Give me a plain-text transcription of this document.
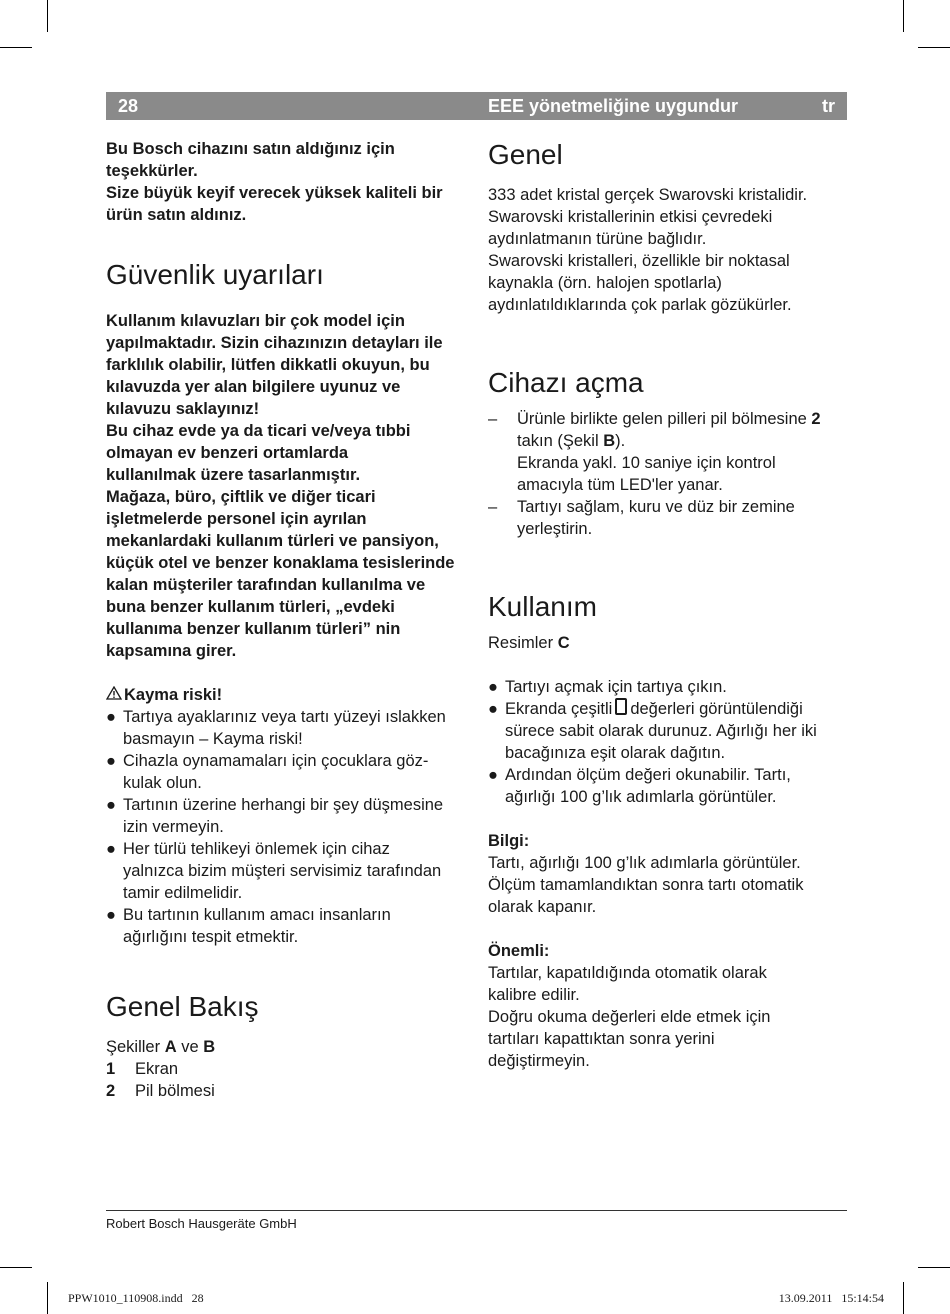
28	EEE yönetmeliğine uygundur	tr

Bu Bosch cihazını satın aldığınız için teşekkürler.

Size büyük keyif verecek yüksek kaliteli bir ürün satın aldınız.

Güvenlik uyarıları

Kullanım kılavuzları bir çok model için yapılmaktadır. Sizin cihazınızın detayları ile farklılık olabilir, lütfen dikkatli okuyun, bu kılavuzda yer alan bilgilere uyunuz ve kılavuzu saklayınız!

Bu cihaz evde ya da ticari ve/veya tıbbi olmayan ev benzeri ortamlarda kullanılmak üzere tasarlanmıştır.

Mağaza, büro, çiftlik ve diğer ticari işletmelerde personel için ayrılan mekanlardaki kullanım türleri ve pansiyon, küçük otel ve benzer konaklama tesislerinde kalan müşteriler tarafından kullanılma ve buna benzer kullanım türleri, „evdeki kullanıma benzer kullanım türleri” nin kapsamına girer.

Kayma riski!

● Tartıya ayaklarınız veya tartı yüzeyi ıslakken basmayın – Kayma riski!
● Cihazla oynamamaları için çocuklara göz-kulak olun.
● Tartının üzerine herhangi bir şey düşmesine izin vermeyin.
● Her türlü tehlikeyi önlemek için cihaz yalnızca bizim müşteri servisimiz tarafından tamir edilmelidir.
● Bu tartının kullanım amacı insanların ağırlığını tespit etmektir.
Genel Bakış

Şekiller A ve B

1 Ekran
2 Pil bölmesi
Genel

333 adet kristal gerçek Swarovski kristalidir.

Swarovski kristallerinin etkisi çevredeki aydınlatmanın türüne bağlıdır.

Swarovski kristalleri, özellikle bir noktasal kaynakla (örn. halojen spotlarla) aydınlatıldıklarında çok parlak gözükürler.

Cihazı açma
– Ürünle birlikte gelen pilleri pil bölmesine 2 takın (Şekil B).
Ekranda yakl. 10 saniye için kontrol amacıyla tüm LED'ler yanar.
– Tartıyı sağlam, kuru ve düz bir zemine yerleştirin.
Kullanım

Resimler C

● Tartıyı açmak için tartıya çıkın.
● Ekranda çeşitli değerleri görüntülendiği sürece sabit olarak durunuz. Ağırlığı her iki bacağınıza eşit olarak dağıtın.
● Ardından ölçüm değeri okunabilir. Tartı, ağırlığı 100 g’lık adımlarla görüntüler.

Bilgi:

Tartı, ağırlığı 100 g’lık adımlarla görüntüler.

Ölçüm tamamlandıktan sonra tartı otomatik olarak kapanır.

Önemli:

Tartılar, kapatıldığında otomatik olarak kalibre edilir.

Doğru okuma değerleri elde etmek için tartıları kapattıktan sonra yerini değiştirmeyin.

Robert Bosch Hausgeräte GmbH
PPW1010_110908.indd   28	13.09.2011   15:14:54
